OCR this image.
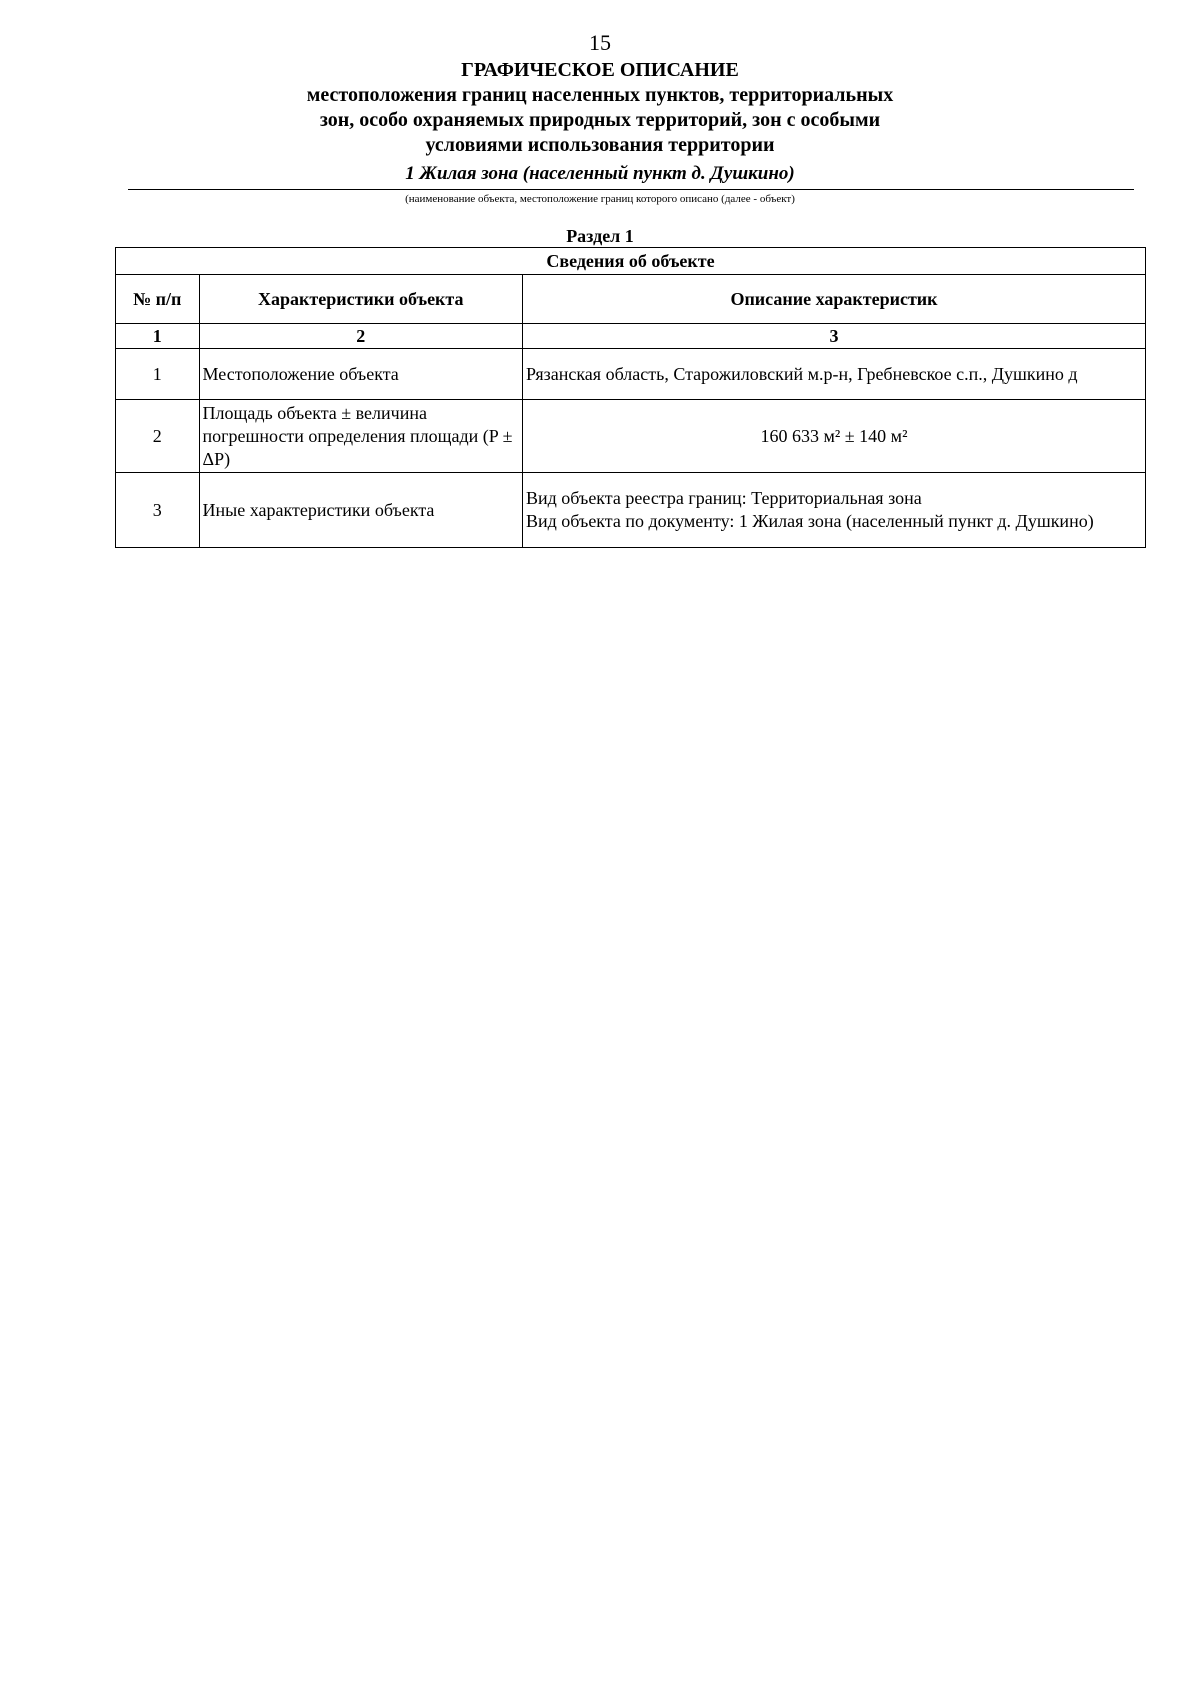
15
ГРАФИЧЕСКОЕ ОПИСАНИЕ
местоположения границ населенных пунктов, территориальных
зон, особо охраняемых природных территорий, зон с особыми
условиями использования территории
1 Жилая зона (населенный пункт д. Душкино)
(наименование объекта, местоположение границ которого описано (далее - объект)
Раздел 1
Сведения об объекте		
№ п/п	Характеристики объекта	Описание характеристик
1	2	3
1	Местоположение объекта	Рязанская область, Старожиловский м.р-н, Гребневское с.п., Душкино д

2	Площадь объекта ± величина погрешности определения площади (P ± ΔP)	160 633 м² ± 140 м²

3	Иные характеристики объекта	Вид объекта реестра границ: Территориальная зона
Вид объекта по документу: 1 Жилая зона (населенный пункт д. Душкино)
